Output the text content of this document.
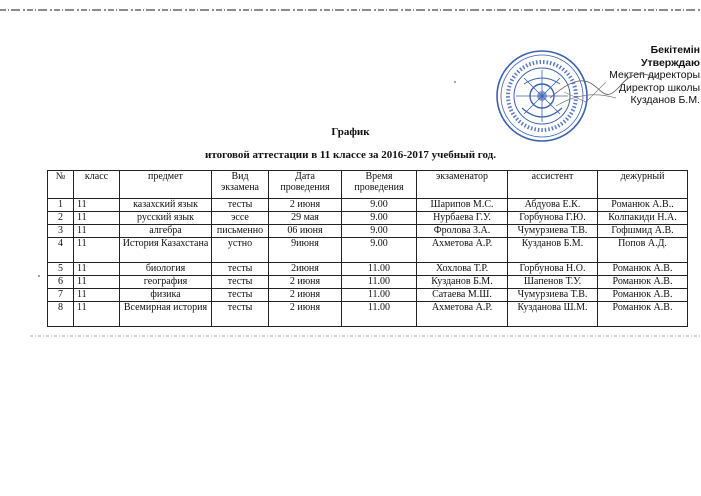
Бекітемін
Утверждаю
Мектеп директоры
Директор школы
Кузданов Б.М.
График
итоговой аттестации в 11 классе за 2016-2017 учебный год.
№	класс	предмет	Вид экзамена	Дата проведения	Время проведения	экзаменатор	ассистент	дежурный
1	11	казахский язык	тесты	2 июня	9.00	Шарипов М.С.	Абдуова Е.К.	Романюк А.В..
2	11	русский язык	эссе	29 мая	9.00	Нурбаева Г.У.	Горбунова Г.Ю.	Колпакиди Н.А.
3	11	алгебра	письменно	06 июня	9.00	Фролова З.А.	Чумурзиева Т.В.	Гофшмид А.В.
4	11	История Казахстана	устно	9июня	9.00	Ахметова А.Р.	Кузданов Б.М.	Попов А.Д.
5	11	биология	тесты	2июня	11.00	Хохлова Т.Р.	Горбунова Н.О.	Романюк А.В.
6	11	география	тесты	2 июня	11.00	Кузданов Б.М.	Шапенов Т.У.	Романюк А.В.
7	11	физика	тесты	2 июня	11.00	Сатаева М.Ш.	Чумурзиева Т.В.	Романюк А.В.
8	11	Всемирная история	тесты	2 июня	11.00	Ахметова А.Р.	Кузданова Ш.М.	Романюк А.В.
